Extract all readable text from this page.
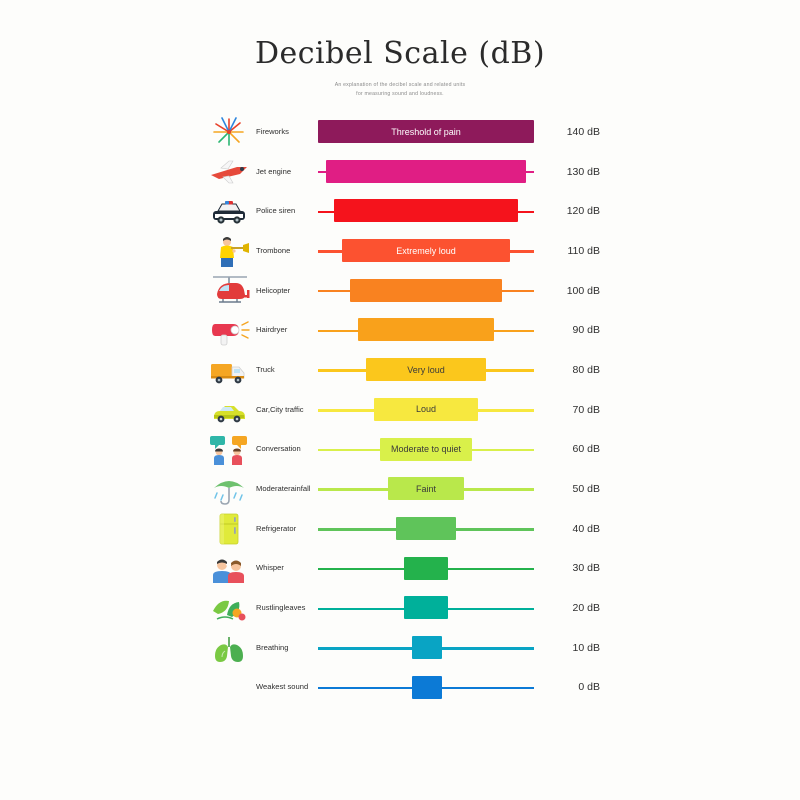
Decibel Scale (dB)
An explanation of the decibel scale and related units
for measuring sound and loudness.
Fireworks	Threshold of pain	140 dB
Jet engine	130 dB
Police siren	120 dB
Trombone	Extremely loud	110 dB
Helicopter	100 dB
Hairdryer	90 dB
Truck	Very loud	80 dB
Car, City traffic	Loud	70 dB
Conversation	Moderate to quiet	60 dB
Moderate rainfall	Faint	50 dB
Refrigerator	40 dB
Whisper	30 dB
Rustling leaves	20 dB
Breathing	10 dB
Weakest sound	0 dB
